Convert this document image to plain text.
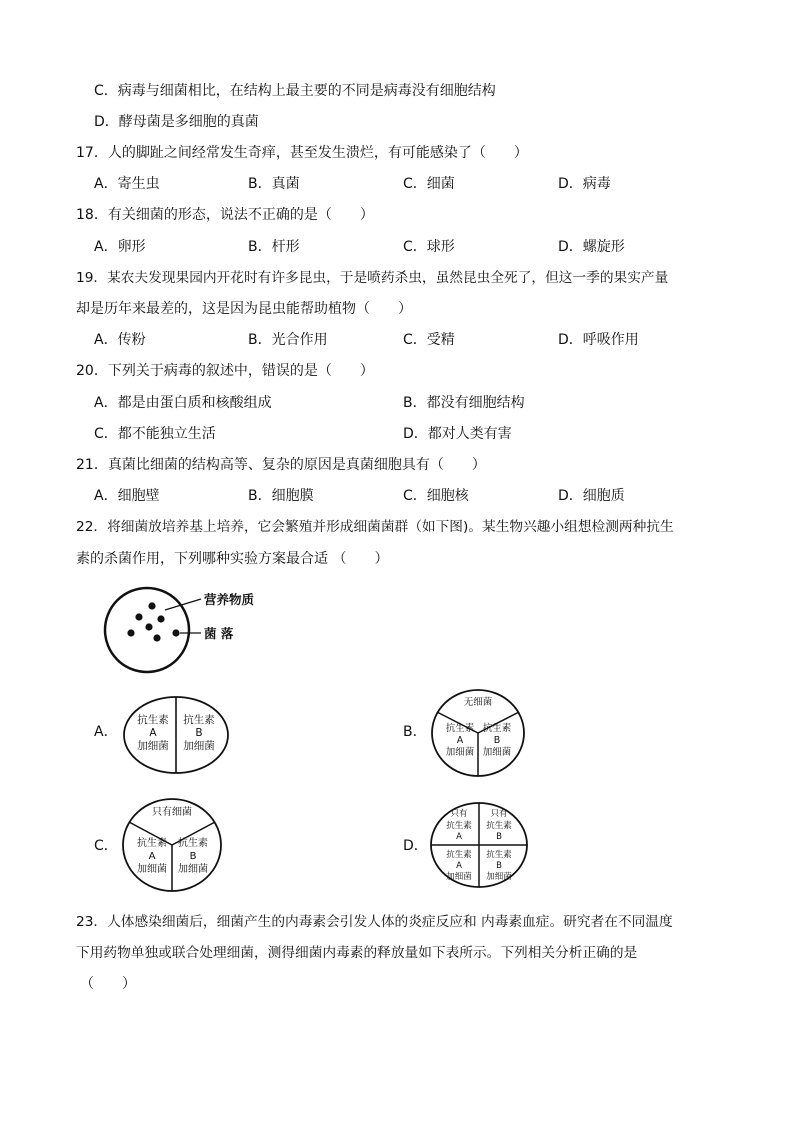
C．病毒与细菌相比，在结构上最主要的不同是病毒没有细胞结构
D．酵母菌是多细胞的真菌
17．人的脚趾之间经常发生奇痒，甚至发生溃烂，有可能感染了（　　）
A．寄生虫	B．真菌	C．细菌	D．病毒
18．有关细菌的形态，说法不正确的是（　　）
A．卵形	B．杆形	C．球形	D．螺旋形
19．某农夫发现果园内开花时有许多昆虫，于是喷药杀虫，虽然昆虫全死了，但这一季的果实产量
却是历年来最差的，这是因为昆虫能帮助植物（　　）
A．传粉	B．光合作用	C．受精	D．呼吸作用
20．下列关于病毒的叙述中，错误的是（　　）
A．都是由蛋白质和核酸组成	B．都没有细胞结构
C．都不能独立生活	D．都对人类有害
21．真菌比细菌的结构高等、复杂的原因是真菌细胞具有（　　）
A．细胞壁	B．细胞膜	C．细胞核	D．细胞质
22．将细菌放培养基上培养，它会繁殖并形成细菌菌群（如下图)。某生物兴趣小组想检测两种抗生
素的杀菌作用，下列哪种实验方案最合适 （　　）
营养物质
菌 落
A．
抗生素
A
加细菌
抗生素
B
加细菌
B．
无细菌
抗生素
A
加细菌
抗生素
B
加细菌
C．
只有细菌
抗生素
A
加细菌
抗生素
B
加细菌
D．
只有
抗生素
A
只有
抗生素
B
抗生素
A
加细菌
抗生素
B
加细菌
23．人体感染细菌后，细菌产生的内毒素会引发人体的炎症反应和 内毒素血症。研究者在不同温度
下用药物单独或联合处理细菌，测得细菌内毒素的释放量如下表所示。下列相关分析正确的是
（　　）
